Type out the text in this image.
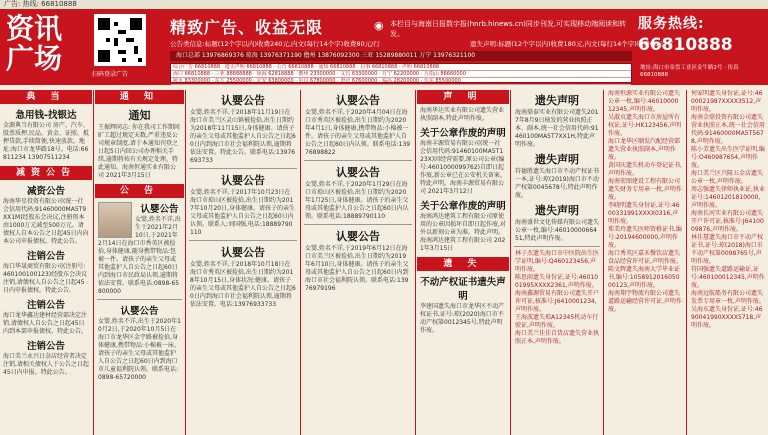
广告: 热线: 66810888
资讯
广场	扫码登录广告
精致广告、收益无限	◉ 本栏目与海南日报数字报(hnrb.hinews.cn)同步刊发,可实现移动端阅读和转发。
公告类信息:标题(12个字以内)收费240元,内文(每行14个字)收费80元/行	遗失声明:标题(12个字以内)收费180元,内文(每行14个字)收费60元/行
海口总部 13976869376 琼海 13976371190 儋州 13876092300 三亚 15289880011 万宁 13976321100
综合广告 66810888 · 遗失声明 66810888 · 公告 66810888 · 通知 66810888 · 启事 66810888 · 声明 66810888
海口 66810888 · 三亚 88888888 · 琼海 62818888 · 儋州 23300000 · 文昌 63300000 · 万宁 62200000 · 五指山 86660000
陵水 83300000 · 东方 25500000 · 定安 63800000 · 屯昌 67800000 · 澄迈 67600000 · 临高 28200000 · 乐东 85500000
服务热线:
66810888
地址:海口市金盘工业区金牛路2号 · 传真 66810888
典 当
急用钱-找银达
金源典当有限公司 房产、汽车、股票质押,民品、黄金、证照、抵押贷款,手续简便,快速放款。地址:海口市龙华路18号。电话:66811234 13907511234
减资公告
减资公告
海南华星投资有限公司(统一社会信用代码:91460000MA5T9XX1M)经股东会决议,注册资本由1000万元减至500万元。请债权人自本公告之日起45日内向本公司申报债权。特此公告。
注销公告
海口华晟商贸有限公司(注册号:460100100123)经股东会决议注销,请债权人自公告之日起45日内申报债权。特此公告。
注销公告
海口龙华鑫达建材经营部决定注销,请债权人自公告之日起45日内到本部申报债权。特此公告。
注销公告
海口美兰永兴日杂店经营者决定注销,请相关债权人于公告之日起45日内申报。特此公告。
通 知
通知
王振辉同志: 你在我司工作期间旷工超过规定天数,严重违反公司规章制度,请于本通知刊登之日起5日内回公司办理相关手续,逾期将按有关规定处理。特此通知。海南恒通实业有限公司 2021年3月15日
公 告
认婴公告
女婴,姓名不详,出生于2021年2月10日,于2021年2月14日在海口市秀英区被捡拾,身体健康,随身携带物品:包被一件。请孩子的亲生父母或其他监护人自公告之日起60日内到海口市民政局认领,逾期将依法安置。联系电话:0898-65800000
认婴公告
女婴,姓名不详,出生于2020年10月2日,于2020年10月5日在海口市龙华区金宇路被捡拾,身体健康,携带物品:小棉被一床。请孩子的亲生父母或其他监护人自公告之日起60日内到海口市儿童福利院认领。联系电话:0898-65720000
认婴公告
女婴,姓名不详,于2018年11月19日在海口市美兰区灵山镇被捡拾,出生日期约为2018年11月15日,身体健康。请孩子的亲生父母或其他监护人自公告之日起60日内到海口市社会福利院认领,逾期将依法安置。特此公告。联系电话:13976693733
认婴公告
女婴,姓名不详,于2017年10月23日在海口市琼山区被捡拾,出生日期约为2017年10月20日,身体健康。请孩子的亲生父母或其他监护人自公告之日起60日内认领。联系人:刘国强,电话:18889790110
认婴公告
女婴,姓名不详,于2018年10月18日在海口市秀英区被捡拾,出生日期约为2018年10月15日,身体状况:健康。请孩子的亲生父母或其他监护人自公告之日起60日内到海口市社会福利院认领,逾期将依法安置。电话:13976933733
认婴公告
女婴,姓名不详,于2020年4月04日在海口市秀英区被捡拾,出生日期约为2020年4月1日,身体健康,携带物品:小棉被一件。请孩子的亲生父母或其他监护人自公告之日起60日内认领。联系电话:13976898822
认婴公告
女婴,姓名不详,于2020年1月29日在海口市琼山区被捡拾,出生日期约为2020年1月25日,身体健康。请孩子的亲生父母或其他监护人自公告之日起60日内认领。联系电话:18889790110
认婴公告
女婴,姓名不详,于2019年6月12日在海口市美兰区被捡拾,出生日期约为2019年6月10日,身体健康。请孩子的亲生父母或其他监护人自公告之日起60日内到海口市社会福利院认领。联系电话:13976979196
声 明
海南华达实业有限公司遗失营业执照副本,特此声明作废。
关于公章作废的声明
海南丰源贸易有限公司(统一社会信用代码:91460100MA5T123X)因经营需要,原公司公章(编号:4601000099762)自即日起作废,新公章已在公安机关备案。特此声明。海南丰源贸易有限公司 2021年3月12日
关于公章作废的声明
海南鸿达建筑工程有限公司原使用的公章因损坏自即日起作废,对外以新刻公章为准。特此声明。海南鸿达建筑工程有限公司 2021年3月15日
遗 失
不动产权证书遗失声明
李建国遗失海口市龙华区不动产权证书,证号:琼(2020)海口市不动产权第0012345号,特此声明作废。
遗失声明
海南鼎泰实业有限公司遗失2017年8月9日核发的营业执照正本、副本,统一社会信用代码:91460100MA5T7XX1H,特此声明作废。
遗失声明
符德胜遗失海口市不动产权证书一本,证号:琼(2019)海口市不动产权第0045678号,特此声明作废。
遗失声明
海南盛世文化传媒有限公司遗失公章一枚,编号:4601000066451,特此声明作废。
林子杰遗失海口市中医院出生医学证明,编号:Q460123456,声明作废。
陈思雨遗失身份证,证号:4601001995XXXX2361,声明作废。
海南鑫源贸易有限公司遗失开户许可证,核准号:J6410001234,声明作废。
王海波遗失琼A12345机动车行驶证,声明作废。
海口美兰佳佳百货店遗失营业执照正本,声明作废。
海南恒源实业有限公司遗失公章一枚,编号:4601000012345,声明作废。
吴淑贞遗失海口市房屋所有权证,证号:HK123456,声明作废。
海口龙华区顺发汽配经营部遗失营业执照副本,声明作废。
黄国庆遗失机动车登记证书,声明作废。
海南宏图建设工程有限公司遗失财务专用章一枚,声明作废。
李晓明遗失身份证,证号:4600331991XXXX0316,声明作废。
郑美玲遗失医师资格证书,编号:20194600000,声明作废。
海口秀英区嘉禾餐饮店遗失食品经营许可证,声明作废。
陈文辉遗失海南大学毕业证书,编号:105891201605000123,声明作废。
海南翔宇物流有限公司遗失道路运输经营许可证,声明作废。
何家明遗失身份证,证号:4600021987XXXX3512,声明作废。
海南金鼎投资有限公司遗失营业执照正本,统一社会信用代码:91460000MA5T5678,声明作废。
陈小芳遗失出生医学证明,编号:O460987654,声明作废。
海口美兰区兴隆五金店遗失公章一枚,声明作废。
周志强遗失律师执业证,执业证号:14601201810000,声明作废。
海南长河实业有限公司遗失开户许可证,核准号:J6410009876,声明作废。
林佳慧遗失海口市不动产权证书,证号:琼(2018)海口市不动产权第0098765号,声明作废。
符国强遗失道路运输证,证号:460100012345,声明作废。
海南远航船务有限公司遗失发票专用章一枚,声明作废。
吴海东遗失身份证,证号:4690041990XXXX5718,声明作废。
